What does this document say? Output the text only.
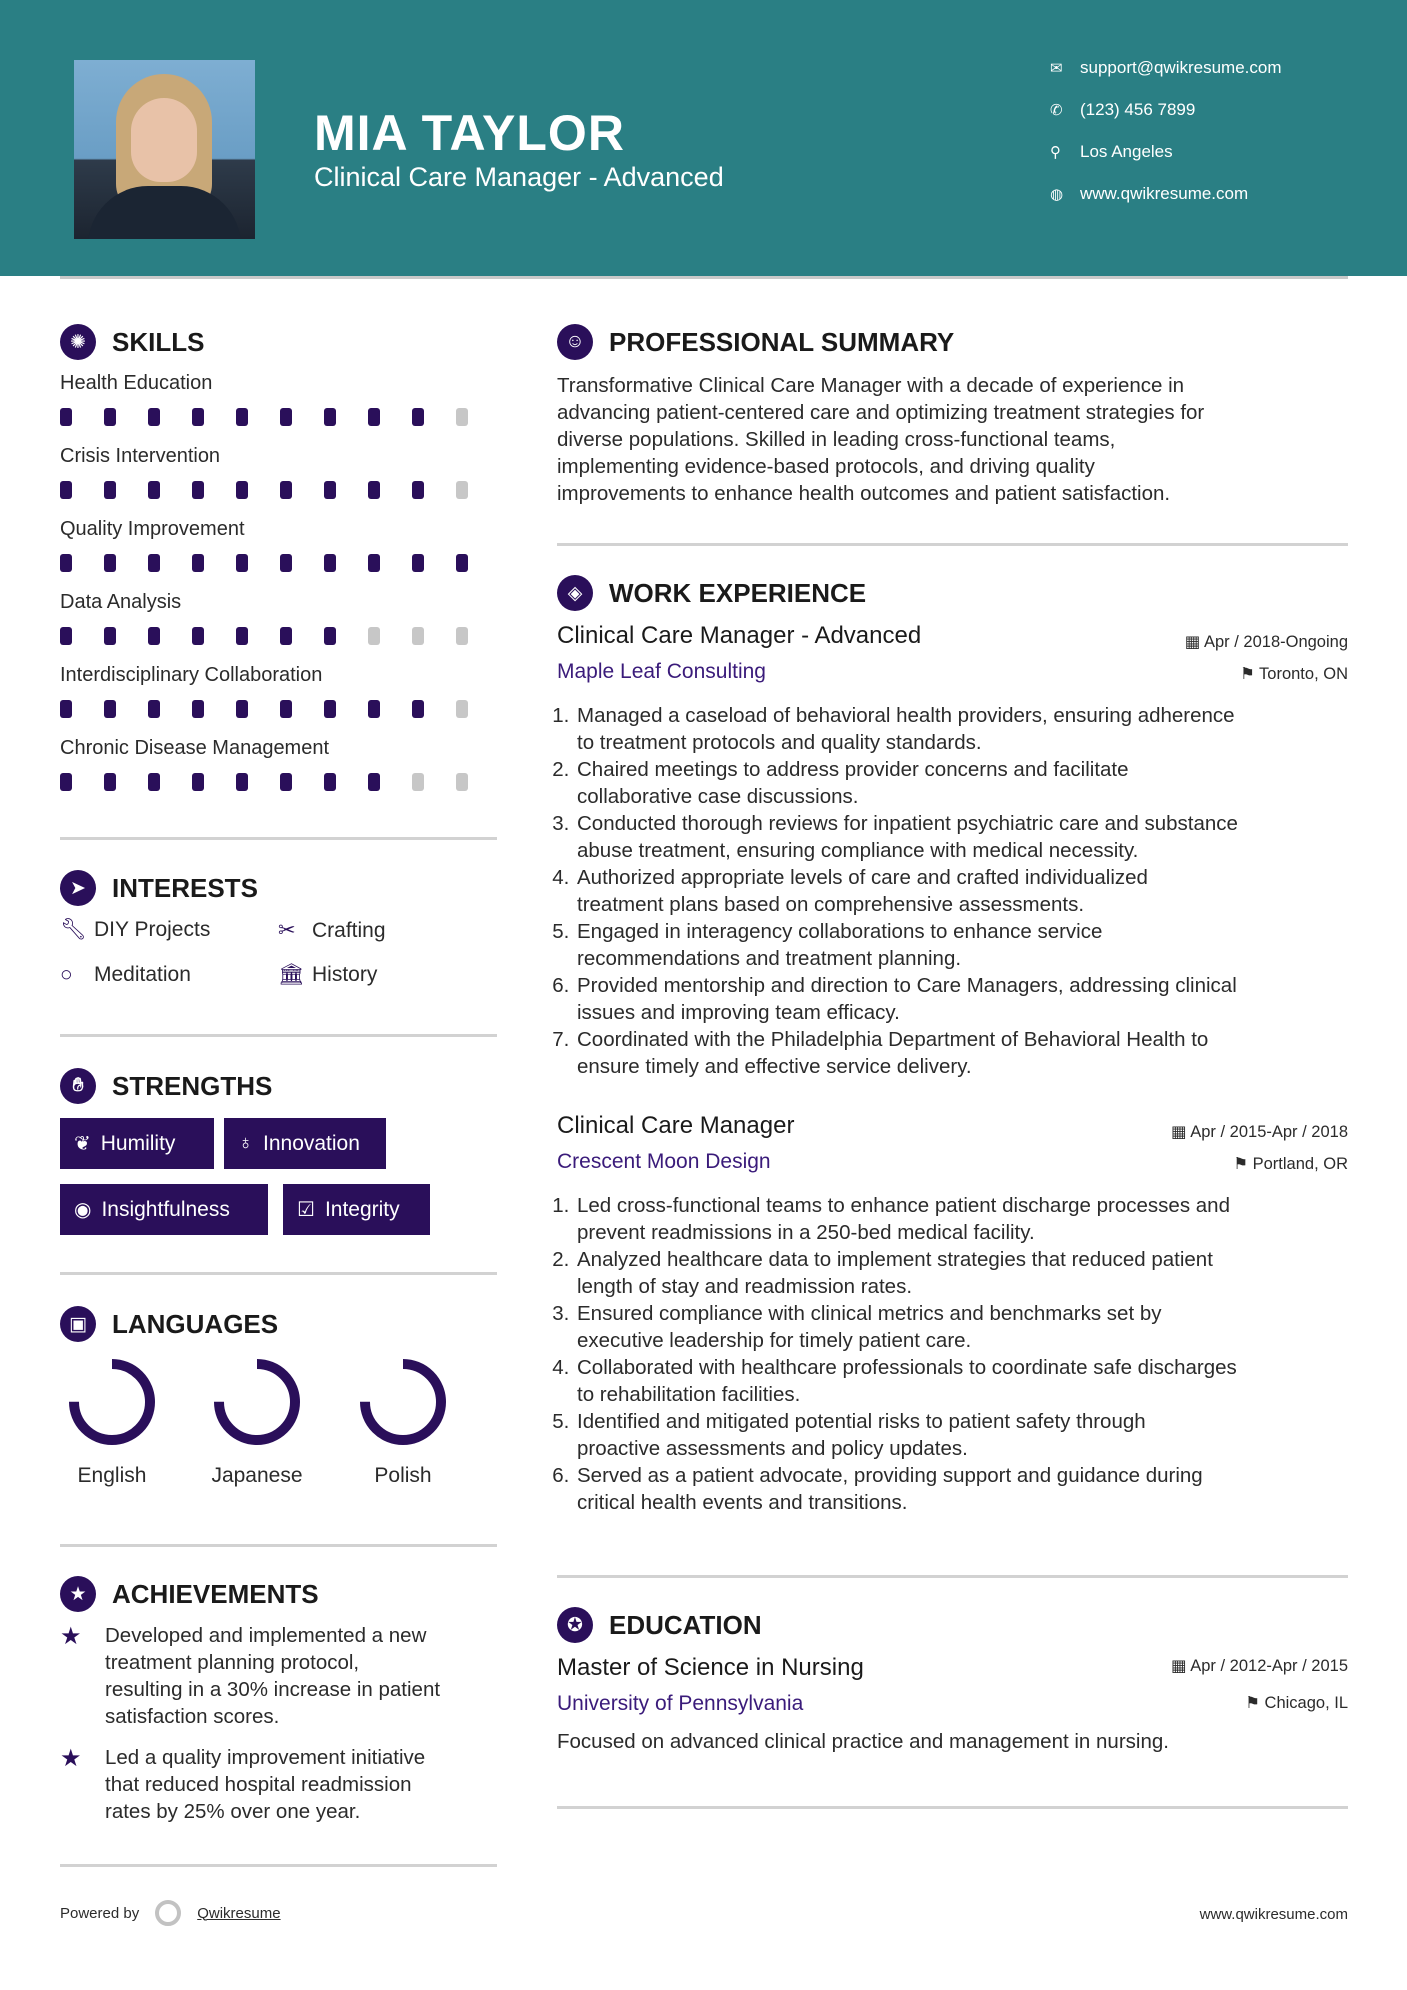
MIA TAYLOR
Clinical Care Manager - Advanced
✉	support@qwikresume.com
✆	(123) 456 7899
⚲	Los Angeles
◍ www.qwikresume.com
✺	SKILLS
Health Education
Crisis Intervention
Quality Improvement
Data Analysis
Interdisciplinary Collaboration
Chronic Disease Management
➤	INTERESTS
🔧︎ DIY Projects	✂ Crafting
○	Meditation	🏛︎ History
✋︎	STRENGTHS
❦ Humility	♁ Innovation
◉ Insightfulness	☑ Integrity
▣ LANGUAGES
English	Japanese	Polish
★ ACHIEVEMENTS
★	Developed and implemented a new
treatment planning protocol,
resulting in a 30% increase in patient
satisfaction scores.
★	Led a quality improvement initiative
that reduced hospital readmission
rates by 25% over one year.
☺ PROFESSIONAL SUMMARY
Transformative Clinical Care Manager with a decade of experience in
advancing patient-centered care and optimizing treatment strategies for
diverse populations. Skilled in leading cross-functional teams,
implementing evidence-based protocols, and driving quality
improvements to enhance health outcomes and patient satisfaction.
◈	WORK EXPERIENCE
Clinical Care Manager - Advanced	▦ Apr / 2018-Ongoing
Maple Leaf Consulting	⚑ Toronto, ON
1. Managed a caseload of behavioral health providers, ensuring adherence
to treatment protocols and quality standards.
2. Chaired meetings to address provider concerns and facilitate
collaborative case discussions.
3. Conducted thorough reviews for inpatient psychiatric care and substance
abuse treatment, ensuring compliance with medical necessity.
4. Authorized appropriate levels of care and crafted individualized
treatment plans based on comprehensive assessments.
5. Engaged in interagency collaborations to enhance service
recommendations and treatment planning.
6. Provided mentorship and direction to Care Managers, addressing clinical
issues and improving team efficacy.
7. Coordinated with the Philadelphia Department of Behavioral Health to
ensure timely and effective service delivery.
Clinical Care Manager	▦ Apr / 2015-Apr / 2018
Crescent Moon Design	⚑ Portland, OR
1. Led cross-functional teams to enhance patient discharge processes and
prevent readmissions in a 250-bed medical facility.
2. Analyzed healthcare data to implement strategies that reduced patient
length of stay and readmission rates.
3. Ensured compliance with clinical metrics and benchmarks set by
executive leadership for timely patient care.
4. Collaborated with healthcare professionals to coordinate safe discharges
to rehabilitation facilities.
5. Identified and mitigated potential risks to patient safety through
proactive assessments and policy updates.
6. Served as a patient advocate, providing support and guidance during
critical health events and transitions.
✪	EDUCATION
Master of Science in Nursing	▦ Apr / 2012-Apr / 2015
University of Pennsylvania	⚑ Chicago, IL
Focused on advanced clinical practice and management in nursing.
Powered by	Qwikresume	www.qwikresume.com
